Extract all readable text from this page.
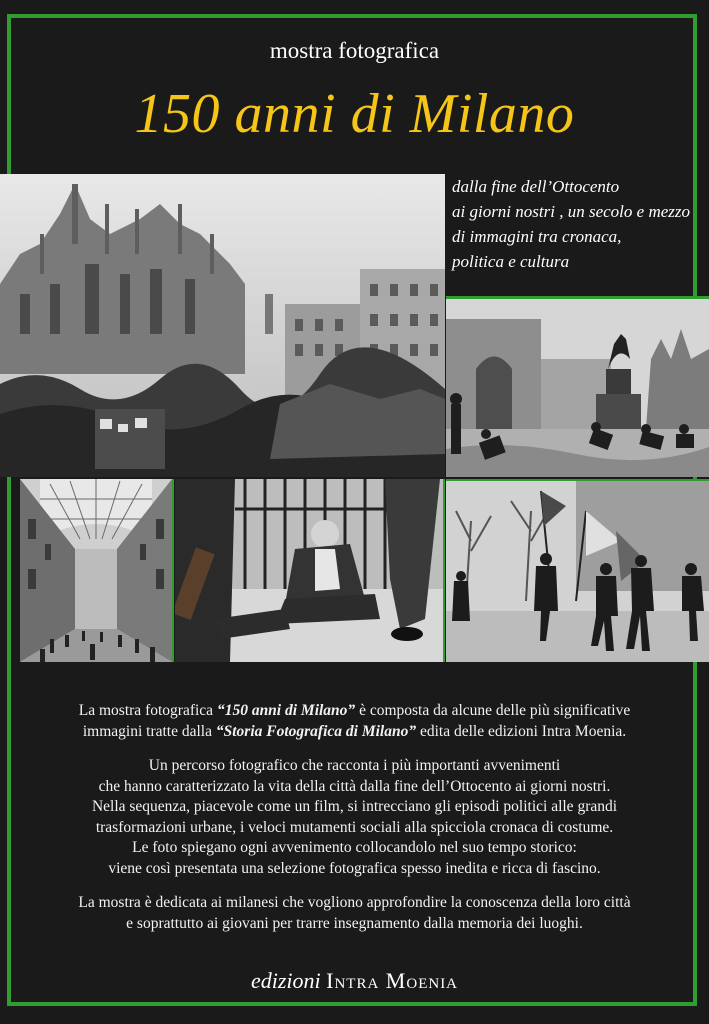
mostra fotografica
150 anni di Milano
dalla fine dell’Ottocento
ai giorni nostri , un secolo e mezzo
di immagini tra cronaca,
politica e cultura

La mostra fotografica “150 anni di Milano” è composta da alcune delle più significative
immagini tratte dalla “Storia Fotografica di Milano” edita delle edizioni Intra Moenia.

Un percorso fotografico che racconta i più importanti avvenimenti
che hanno caratterizzato la vita della città dalla fine dell’Ottocento ai giorni nostri.
Nella sequenza, piacevole come un film, si intrecciano gli episodi politici alle grandi
trasformazioni urbane, i veloci mutamenti sociali alla spicciola cronaca di costume.
Le foto spiegano ogni avvenimento collocandolo nel suo tempo storico:
viene così presentata una selezione fotografica spesso inedita e ricca di fascino.

La mostra è dedicata ai milanesi che vogliono approfondire la conoscenza della loro città
e soprattutto ai giovani per trarre insegnamento dalla memoria dei luoghi.

edizioni Intra Moenia
